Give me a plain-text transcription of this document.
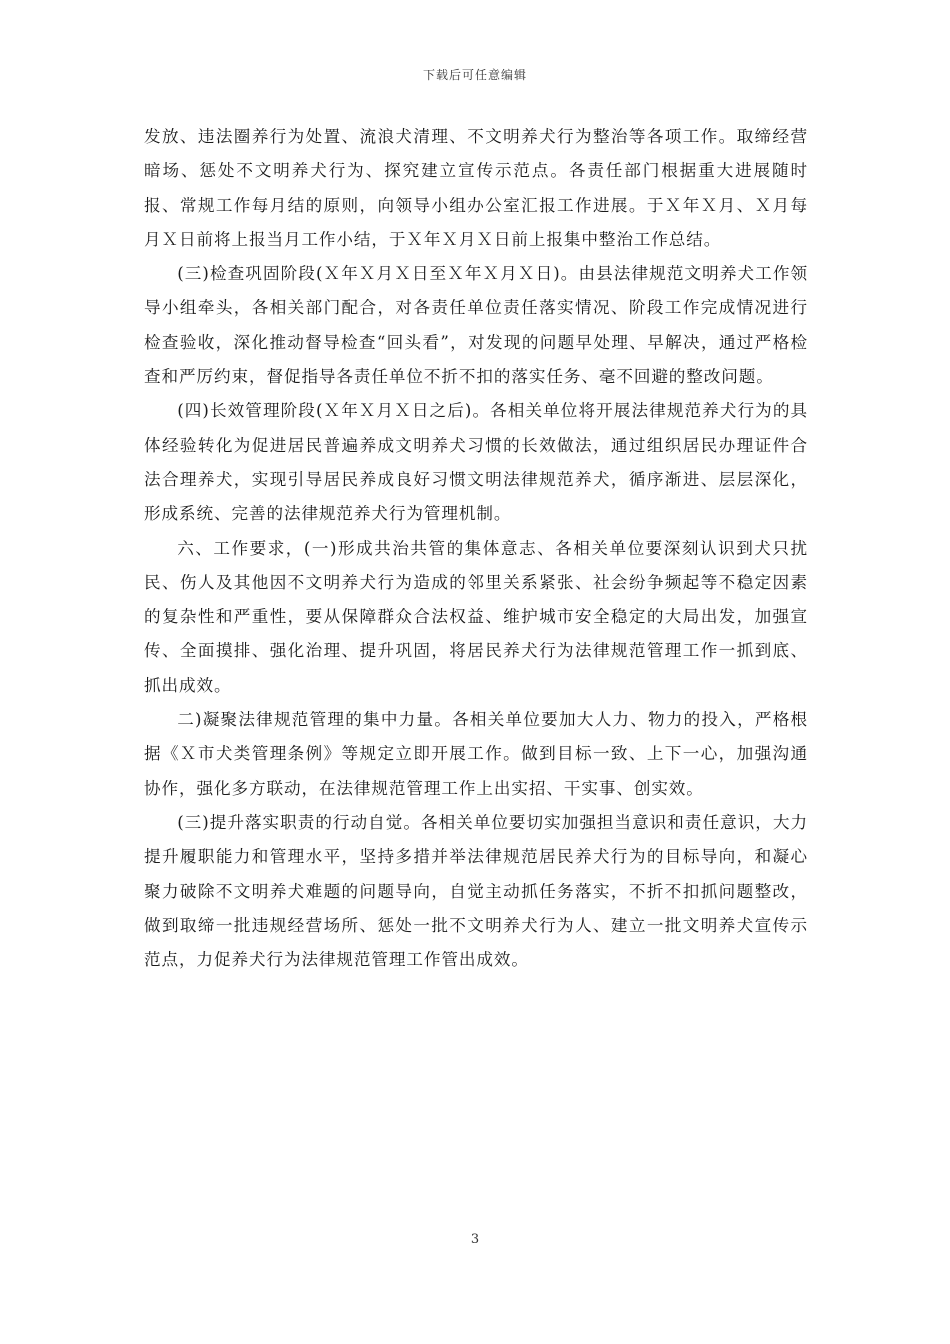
下载后可任意编辑

发放、违法圈养行为处置、流浪犬清理、不文明养犬行为整治等各项工作。取缔经营暗场、惩处不文明养犬行为、探究建立宣传示范点。各责任部门根据重大进展随时报、常规工作每月结的原则，向领导小组办公室汇报工作进展。于Ｘ年Ｘ月、Ｘ月每月Ｘ日前将上报当月工作小结，于Ｘ年Ｘ月Ｘ日前上报集中整治工作总结。

(三)检查巩固阶段(Ｘ年Ｘ月Ｘ日至Ｘ年Ｘ月Ｘ日)。由县法律规范文明养犬工作领导小组牵头，各相关部门配合，对各责任单位责任落实情况、阶段工作完成情况进行检查验收，深化推动督导检查“回头看”，对发现的问题早处理、早解决，通过严格检查和严厉约束，督促指导各责任单位不折不扣的落实任务、毫不回避的整改问题。

(四)长效管理阶段(Ｘ年Ｘ月Ｘ日之后)。各相关单位将开展法律规范养犬行为的具体经验转化为促进居民普遍养成文明养犬习惯的长效做法，通过组织居民办理证件合法合理养犬，实现引导居民养成良好习惯文明法律规范养犬，循序渐进、层层深化，形成系统、完善的法律规范养犬行为管理机制。

六、工作要求，(一)形成共治共管的集体意志、各相关单位要深刻认识到犬只扰民、伤人及其他因不文明养犬行为造成的邻里关系紧张、社会纷争频起等不稳定因素的复杂性和严重性，要从保障群众合法权益、维护城市安全稳定的大局出发，加强宣传、全面摸排、强化治理、提升巩固，将居民养犬行为法律规范管理工作一抓到底、抓出成效。

二)凝聚法律规范管理的集中力量。各相关单位要加大人力、物力的投入，严格根据《Ｘ市犬类管理条例》等规定立即开展工作。做到目标一致、上下一心，加强沟通协作，强化多方联动，在法律规范管理工作上出实招、干实事、创实效。

(三)提升落实职责的行动自觉。各相关单位要切实加强担当意识和责任意识，大力提升履职能力和管理水平，坚持多措并举法律规范居民养犬行为的目标导向，和凝心聚力破除不文明养犬难题的问题导向，自觉主动抓任务落实，不折不扣抓问题整改，做到取缔一批违规经营场所、惩处一批不文明养犬行为人、建立一批文明养犬宣传示范点，力促养犬行为法律规范管理工作管出成效。

3
